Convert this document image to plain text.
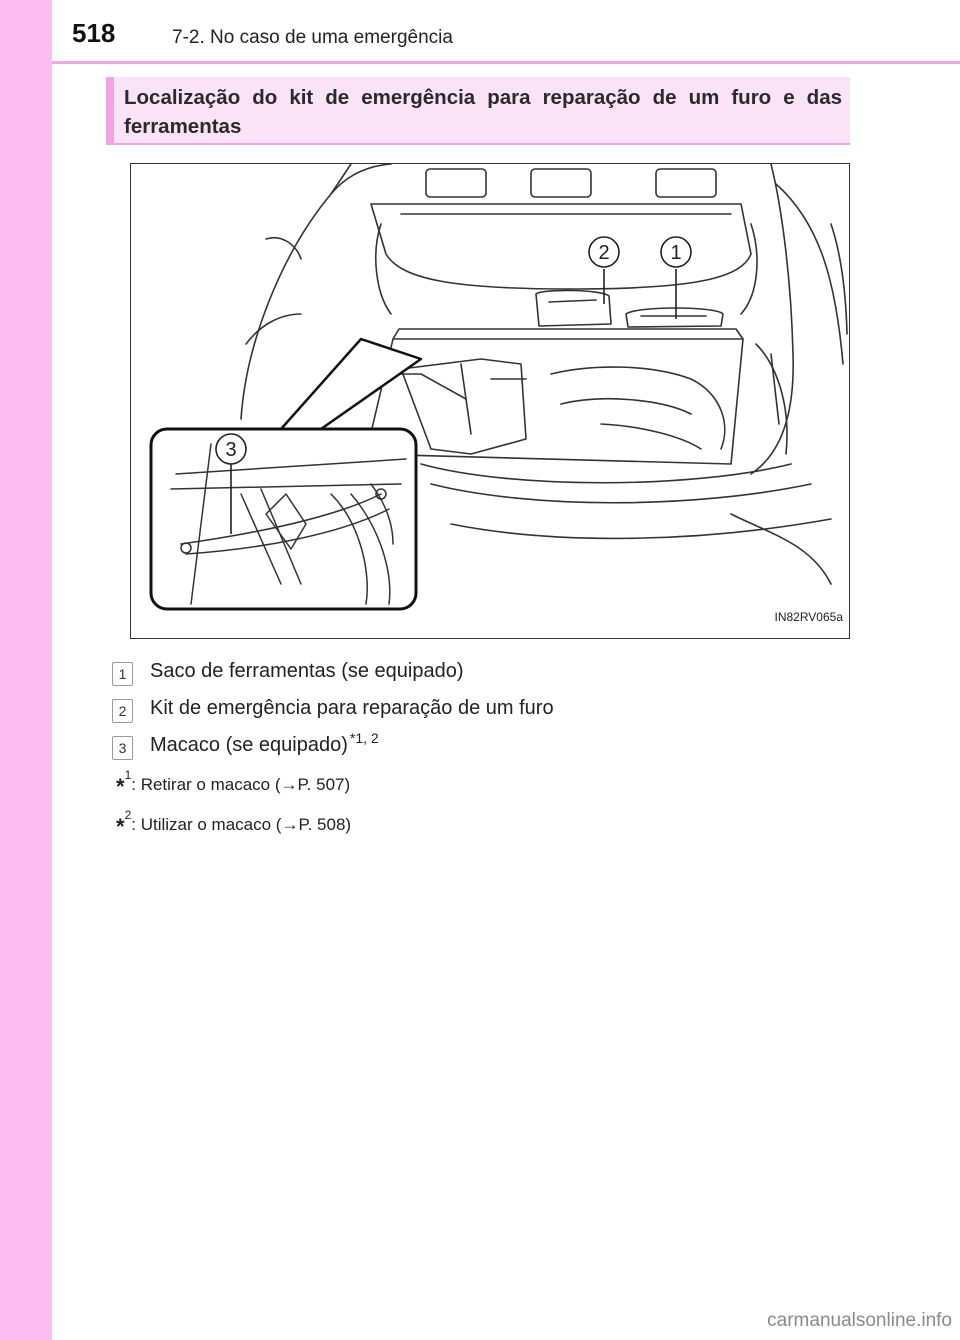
518	7-2. No caso de uma emergência
Localização do kit de emergência para reparação de um furo e das ferramentas
2	1
3
IN82RV065a
1	Saco de ferramentas (se equipado)
2	Kit de emergência para reparação de um furo
3	Macaco (se equipado) $^{*1, 2}$
*$^1$: Retirar o macaco (→P. 507)
*$^2$: Utilizar o macaco (→P. 508)
carmanualsonline.info
